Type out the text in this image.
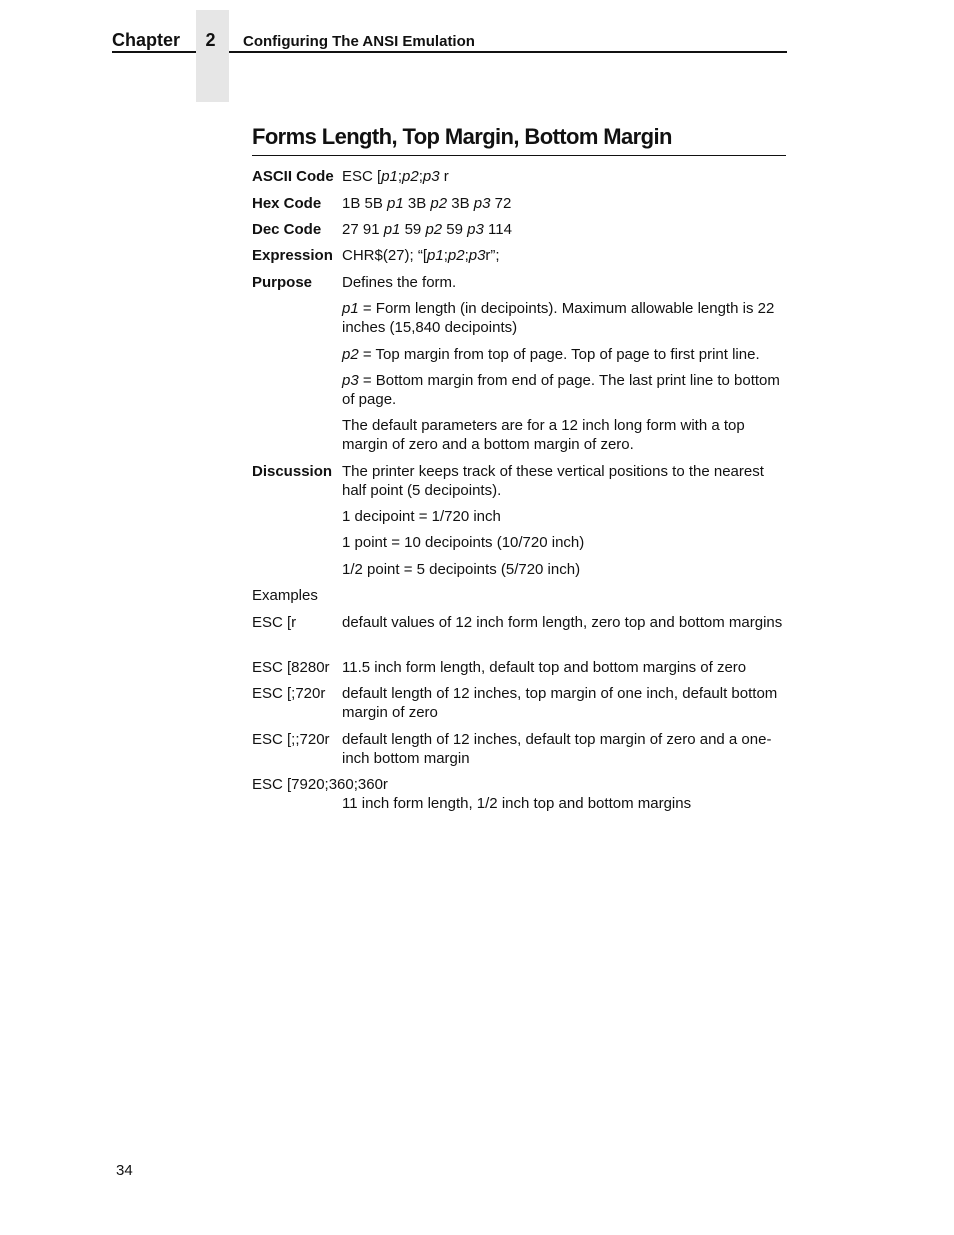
Chapter	2	Configuring The ANSI Emulation
Forms Length, Top Margin, Bottom Margin
ASCII Code ESC [p1;p2;p3 r
Hex Code 1B 5B p1 3B p2 3B p3 72
Dec Code 27 91 p1 59 p2 59 p3 114
Expression CHR$(27); “[p1;p2;p3r”;
Purpose Defines the form.
p1 = Form length (in decipoints). Maximum allowable length is 22 inches (15,840 decipoints)
p2 = Top margin from top of page. Top of page to first print line.
p3 = Bottom margin from end of page. The last print line to bottom of page.
The default parameters are for a 12 inch long form with a top margin of zero and a bottom margin of zero.
Discussion The printer keeps track of these vertical positions to the nearest half point (5 decipoints).
1 decipoint = 1/720 inch
1 point = 10 decipoints (10/720 inch)
1/2 point = 5 decipoints (5/720 inch)
Examples
ESC [r	default values of 12 inch form length, zero top and bottom margins
ESC [8280r 11.5 inch form length, default top and bottom margins of zero
ESC [;720r default length of 12 inches, top margin of one inch, default bottom margin of zero
ESC [;;720r default length of 12 inches, default top margin of zero and a one-inch bottom margin
ESC [7920;360;360r
11 inch form length, 1/2 inch top and bottom margins
34
